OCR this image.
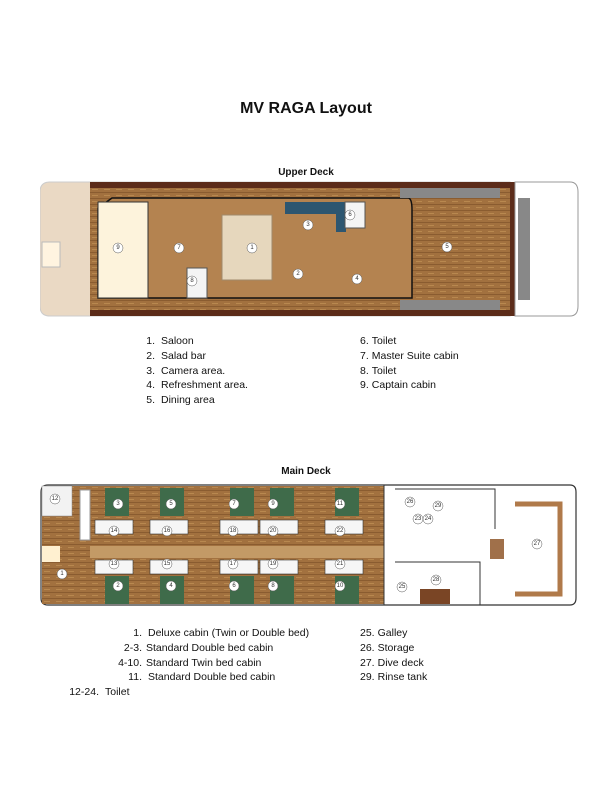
MV RAGA Layout
Upper Deck
9	1
2
3
4
5
6
7
8
1. Saloon
2. Salad bar
3. Camera area.
4. Refreshment area.
5. Dining area
6. Toilet
7. Master Suite cabin
8. Toilet
9. Captain cabin
Main Deck
1
2
3
4
5
6
7
8
9
10
11
12
13
14
15
16
17
18
19
20
21
22
23 24
25
26
27
28
29
1. Deluxe cabin (Twin or Double bed)
2-3. Standard Double bed cabin
4-10. Standard Twin bed cabin
11. Standard Double bed cabin
12-24. Toilet
25. Galley
26. Storage
27. Dive deck
29. Rinse tank
